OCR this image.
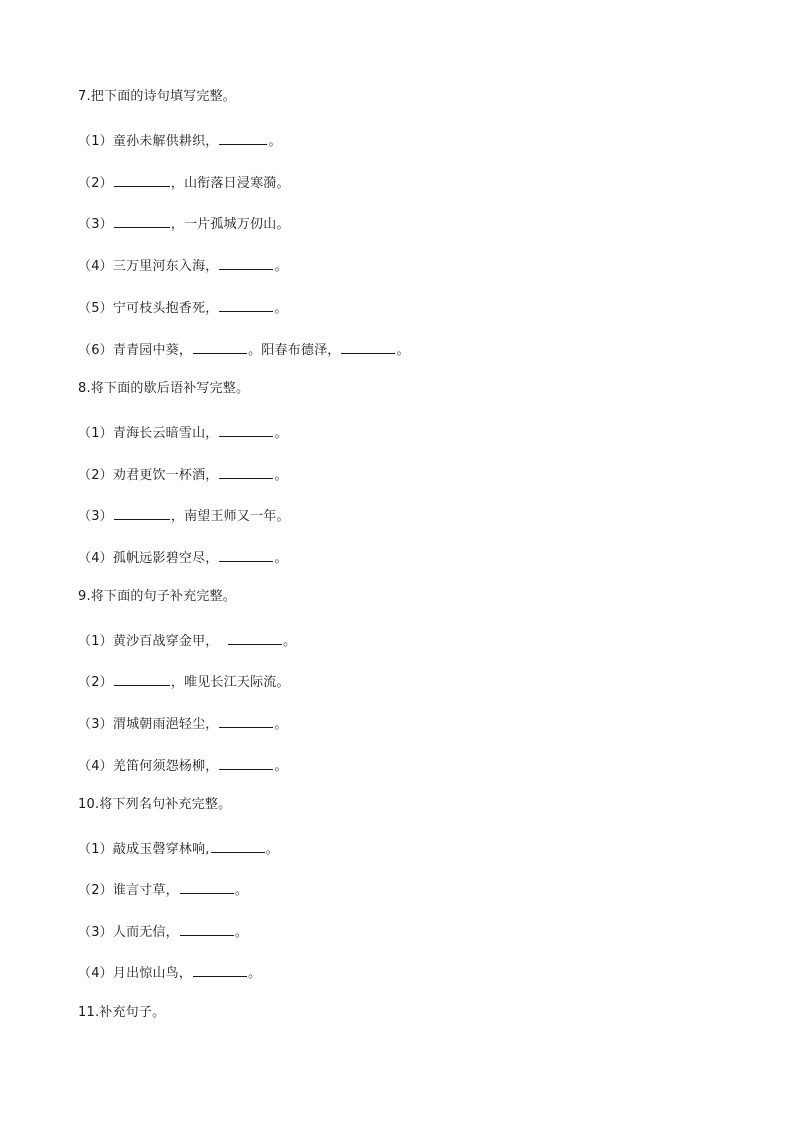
7.把下面的诗句填写完整。
（1）童孙未解供耕织，	。
（2）	，山衔落日浸寒漪。
（3）	，一片孤城万仞山。
（4）三万里河东入海，	。
（5）宁可枝头抱香死，	。
（6）青青园中葵，	。阳春布德泽，	。
8.将下面的歇后语补写完整。
（1）青海长云暗雪山，	。
（2）劝君更饮一杯酒，	。
（3）	，南望王师又一年。
（4）孤帆远影碧空尽，	。
9.将下面的句子补充完整。
（1）黄沙百战穿金甲，	。
（2）	，唯见长江天际流。
（3）渭城朝雨浥轻尘，	。
（4）羌笛何须怨杨柳，	。
10.将下列名句补充完整。
（1）敲成玉磬穿林响,	。
（2）谁言寸草，	。
（3）人而无信，	。
（4）月出惊山鸟，	。
11.补充句子。
